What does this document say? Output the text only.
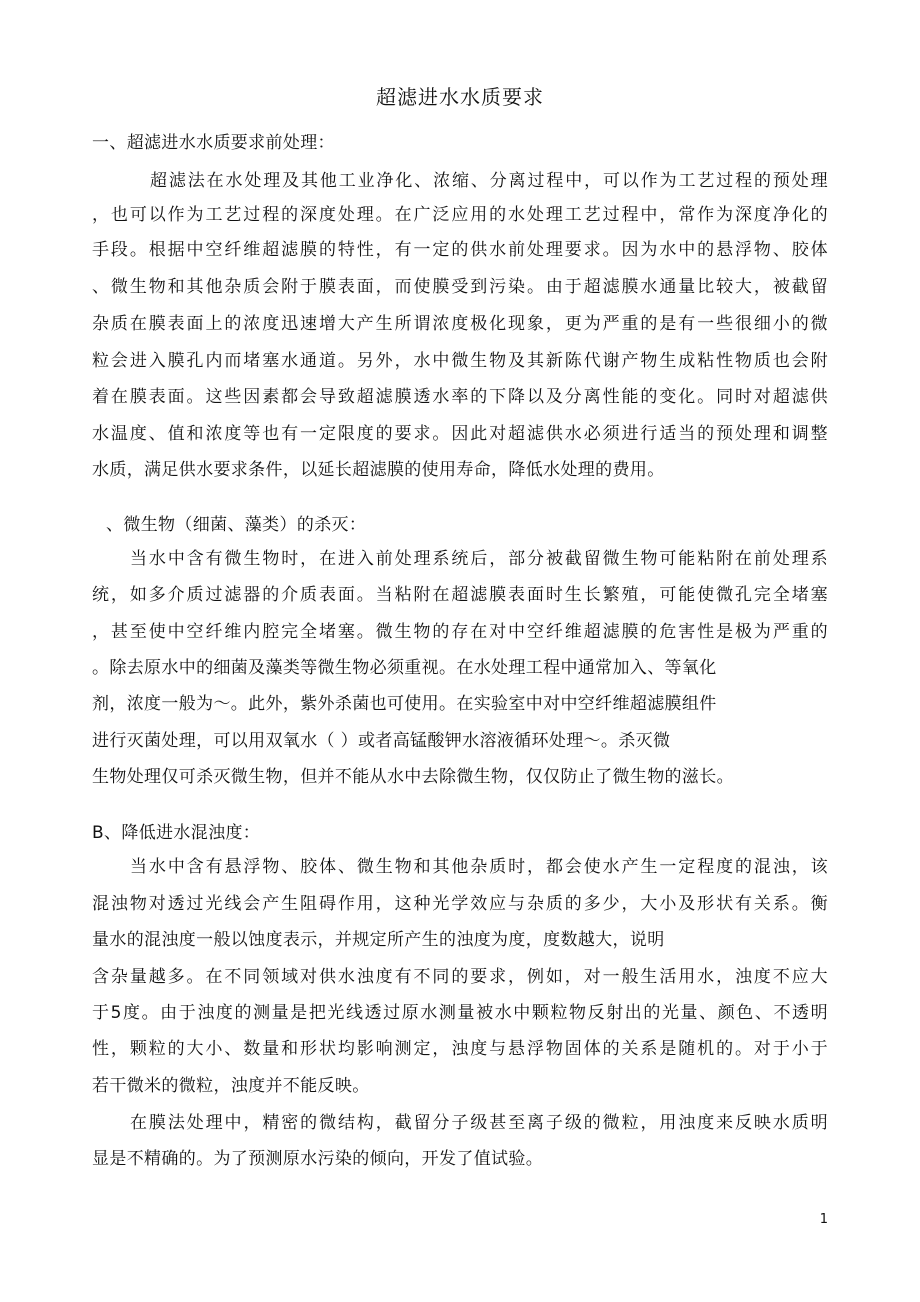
超滤进水水质要求
一、超滤进水水质要求前处理：
超滤法在水处理及其他工业净化、浓缩、分离过程中，可以作为工艺过程的预处理
，也可以作为工艺过程的深度处理。在广泛应用的水处理工艺过程中，常作为深度净化的
手段。根据中空纤维超滤膜的特性，有一定的供水前处理要求。因为水中的悬浮物、胶体
、微生物和其他杂质会附于膜表面，而使膜受到污染。由于超滤膜水通量比较大，被截留
杂质在膜表面上的浓度迅速增大产生所谓浓度极化现象，更为严重的是有一些很细小的微
粒会进入膜孔内而堵塞水通道。另外，水中微生物及其新陈代谢产物生成粘性物质也会附
着在膜表面。这些因素都会导致超滤膜透水率的下降以及分离性能的变化。同时对超滤供
水温度、值和浓度等也有一定限度的要求。因此对超滤供水必须进行适当的预处理和调整
水质，满足供水要求条件，以延长超滤膜的使用寿命，降低水处理的费用。
、微生物（细菌、藻类）的杀灭：
当水中含有微生物时，在进入前处理系统后，部分被截留微生物可能粘附在前处理系
统，如多介质过滤器的介质表面。当粘附在超滤膜表面时生长繁殖，可能使微孔完全堵塞
，甚至使中空纤维内腔完全堵塞。微生物的存在对中空纤维超滤膜的危害性是极为严重的
。除去原水中的细菌及藻类等微生物必须重视。在水处理工程中通常加入、等氧化
剂，浓度一般为～。此外，紫外杀菌也可使用。在实验室中对中空纤维超滤膜组件
进行灭菌处理，可以用双氧水（ ）或者高锰酸钾水溶液循环处理～。杀灭微
生物处理仅可杀灭微生物，但并不能从水中去除微生物，仅仅防止了微生物的滋长。
B、降低进水混浊度：
当水中含有悬浮物、胶体、微生物和其他杂质时，都会使水产生一定程度的混浊，该
混浊物对透过光线会产生阻碍作用，这种光学效应与杂质的多少，大小及形状有关系。衡
量水的混浊度一般以蚀度表示，并规定所产生的浊度为度，度数越大，说明
含杂量越多。在不同领域对供水浊度有不同的要求，例如，对一般生活用水，浊度不应大
于5度。由于浊度的测量是把光线透过原水测量被水中颗粒物反射出的光量、颜色、不透明
性，颗粒的大小、数量和形状均影响测定，浊度与悬浮物固体的关系是随机的。对于小于
若干微米的微粒，浊度并不能反映。
在膜法处理中，精密的微结构，截留分子级甚至离子级的微粒，用浊度来反映水质明
显是不精确的。为了预测原水污染的倾向，开发了值试验。
1
